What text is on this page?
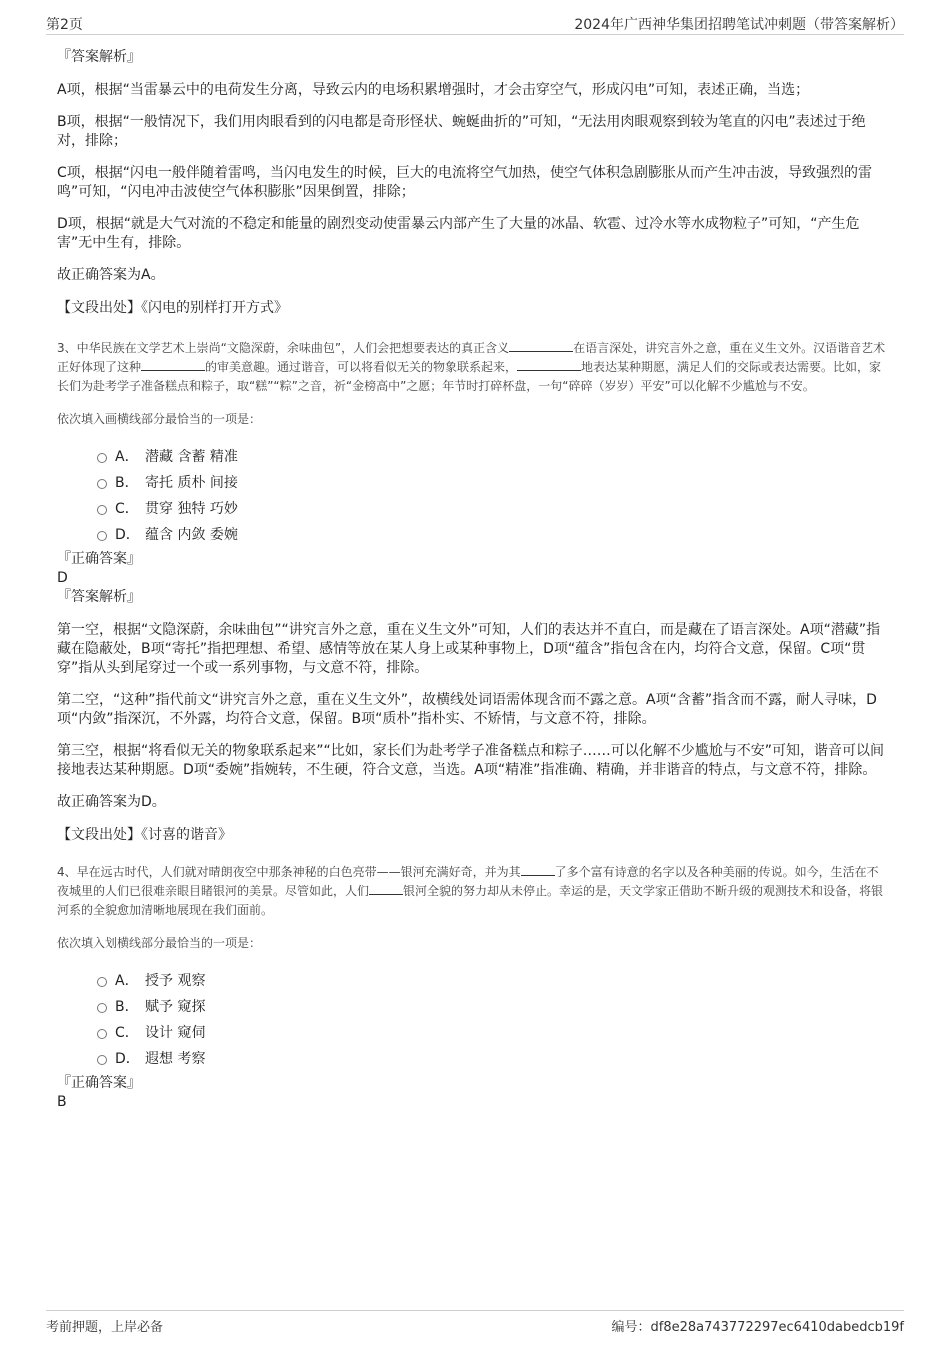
第2页	2024年广西神华集团招聘笔试冲刺题（带答案解析）

『答案解析』

A项，根据“当雷暴云中的电荷发生分离，导致云内的电场积累增强时，才会击穿空气，形成闪电”可知，表述正确，当选；

B项，根据“一般情况下，我们用肉眼看到的闪电都是奇形怪状、蜿蜒曲折的”可知，“无法用肉眼观察到较为笔直的闪电”表述过于绝对，排除；

C项，根据“闪电一般伴随着雷鸣，当闪电发生的时候，巨大的电流将空气加热，使空气体积急剧膨胀从而产生冲击波，导致强烈的雷鸣”可知，“闪电冲击波使空气体积膨胀”因果倒置，排除；

D项，根据“就是大气对流的不稳定和能量的剧烈变动使雷暴云内部产生了大量的冰晶、软雹、过冷水等水成物粒子”可知，“产生危害”无中生有，排除。

故正确答案为A。

【文段出处】《闪电的别样打开方式》

3、中华民族在文学艺术上崇尚“文隐深蔚，余味曲包”，人们会把想要表达的真正含义	在语言深处，讲究言外之意，重在义生文外。汉语谐音艺术正好体现了这种	的审美意趣。通过谐音，可以将看似无关的物象联系起来，	地表达某种期愿，满足人们的交际或表达需要。比如，家长们为赴考学子准备糕点和粽子，取“糕”“粽”之音，祈“金榜高中”之愿；年节时打碎杯盘，一句“碎碎（岁岁）平安”可以化解不少尴尬与不安。

依次填入画横线部分最恰当的一项是：

A． 潜藏 含蓄 精准
B． 寄托 质朴 间接
C． 贯穿 独特 巧妙
D． 蕴含 内敛 委婉

『正确答案』

D

『答案解析』

第一空，根据“文隐深蔚，余味曲包”“讲究言外之意，重在义生文外”可知，人们的表达并不直白，而是藏在了语言深处。A项“潜藏”指藏在隐蔽处，B项“寄托”指把理想、希望、感情等放在某人身上或某种事物上，D项“蕴含”指包含在内，均符合文意，保留。C项“贯穿”指从头到尾穿过一个或一系列事物，与文意不符，排除。

第二空，“这种”指代前文“讲究言外之意，重在义生文外”，故横线处词语需体现含而不露之意。A项“含蓄”指含而不露，耐人寻味，D项“内敛”指深沉，不外露，均符合文意，保留。B项“质朴”指朴实、不矫情，与文意不符，排除。

第三空，根据“将看似无关的物象联系起来”“比如，家长们为赴考学子准备糕点和粽子……可以化解不少尴尬与不安”可知，谐音可以间接地表达某种期愿。D项“委婉”指婉转，不生硬，符合文意，当选。A项“精准”指准确、精确，并非谐音的特点，与文意不符，排除。

故正确答案为D。

【文段出处】《讨喜的谐音》

4、早在远古时代，人们就对晴朗夜空中那条神秘的白色亮带——银河充满好奇，并为其	了多个富有诗意的名字以及各种美丽的传说。如今，生活在不夜城里的人们已很难亲眼目睹银河的美景。尽管如此，人们	银河全貌的努力却从未停止。幸运的是，天文学家正借助不断升级的观测技术和设备，将银河系的全貌愈加清晰地展现在我们面前。

依次填入划横线部分最恰当的一项是：

A． 授予 观察
B． 赋予 窥探
C． 设计 窥伺
D． 遐想 考察

『正确答案』

B

考前押题，上岸必备	编号：df8e28a743772297ec6410dabedcb19f
